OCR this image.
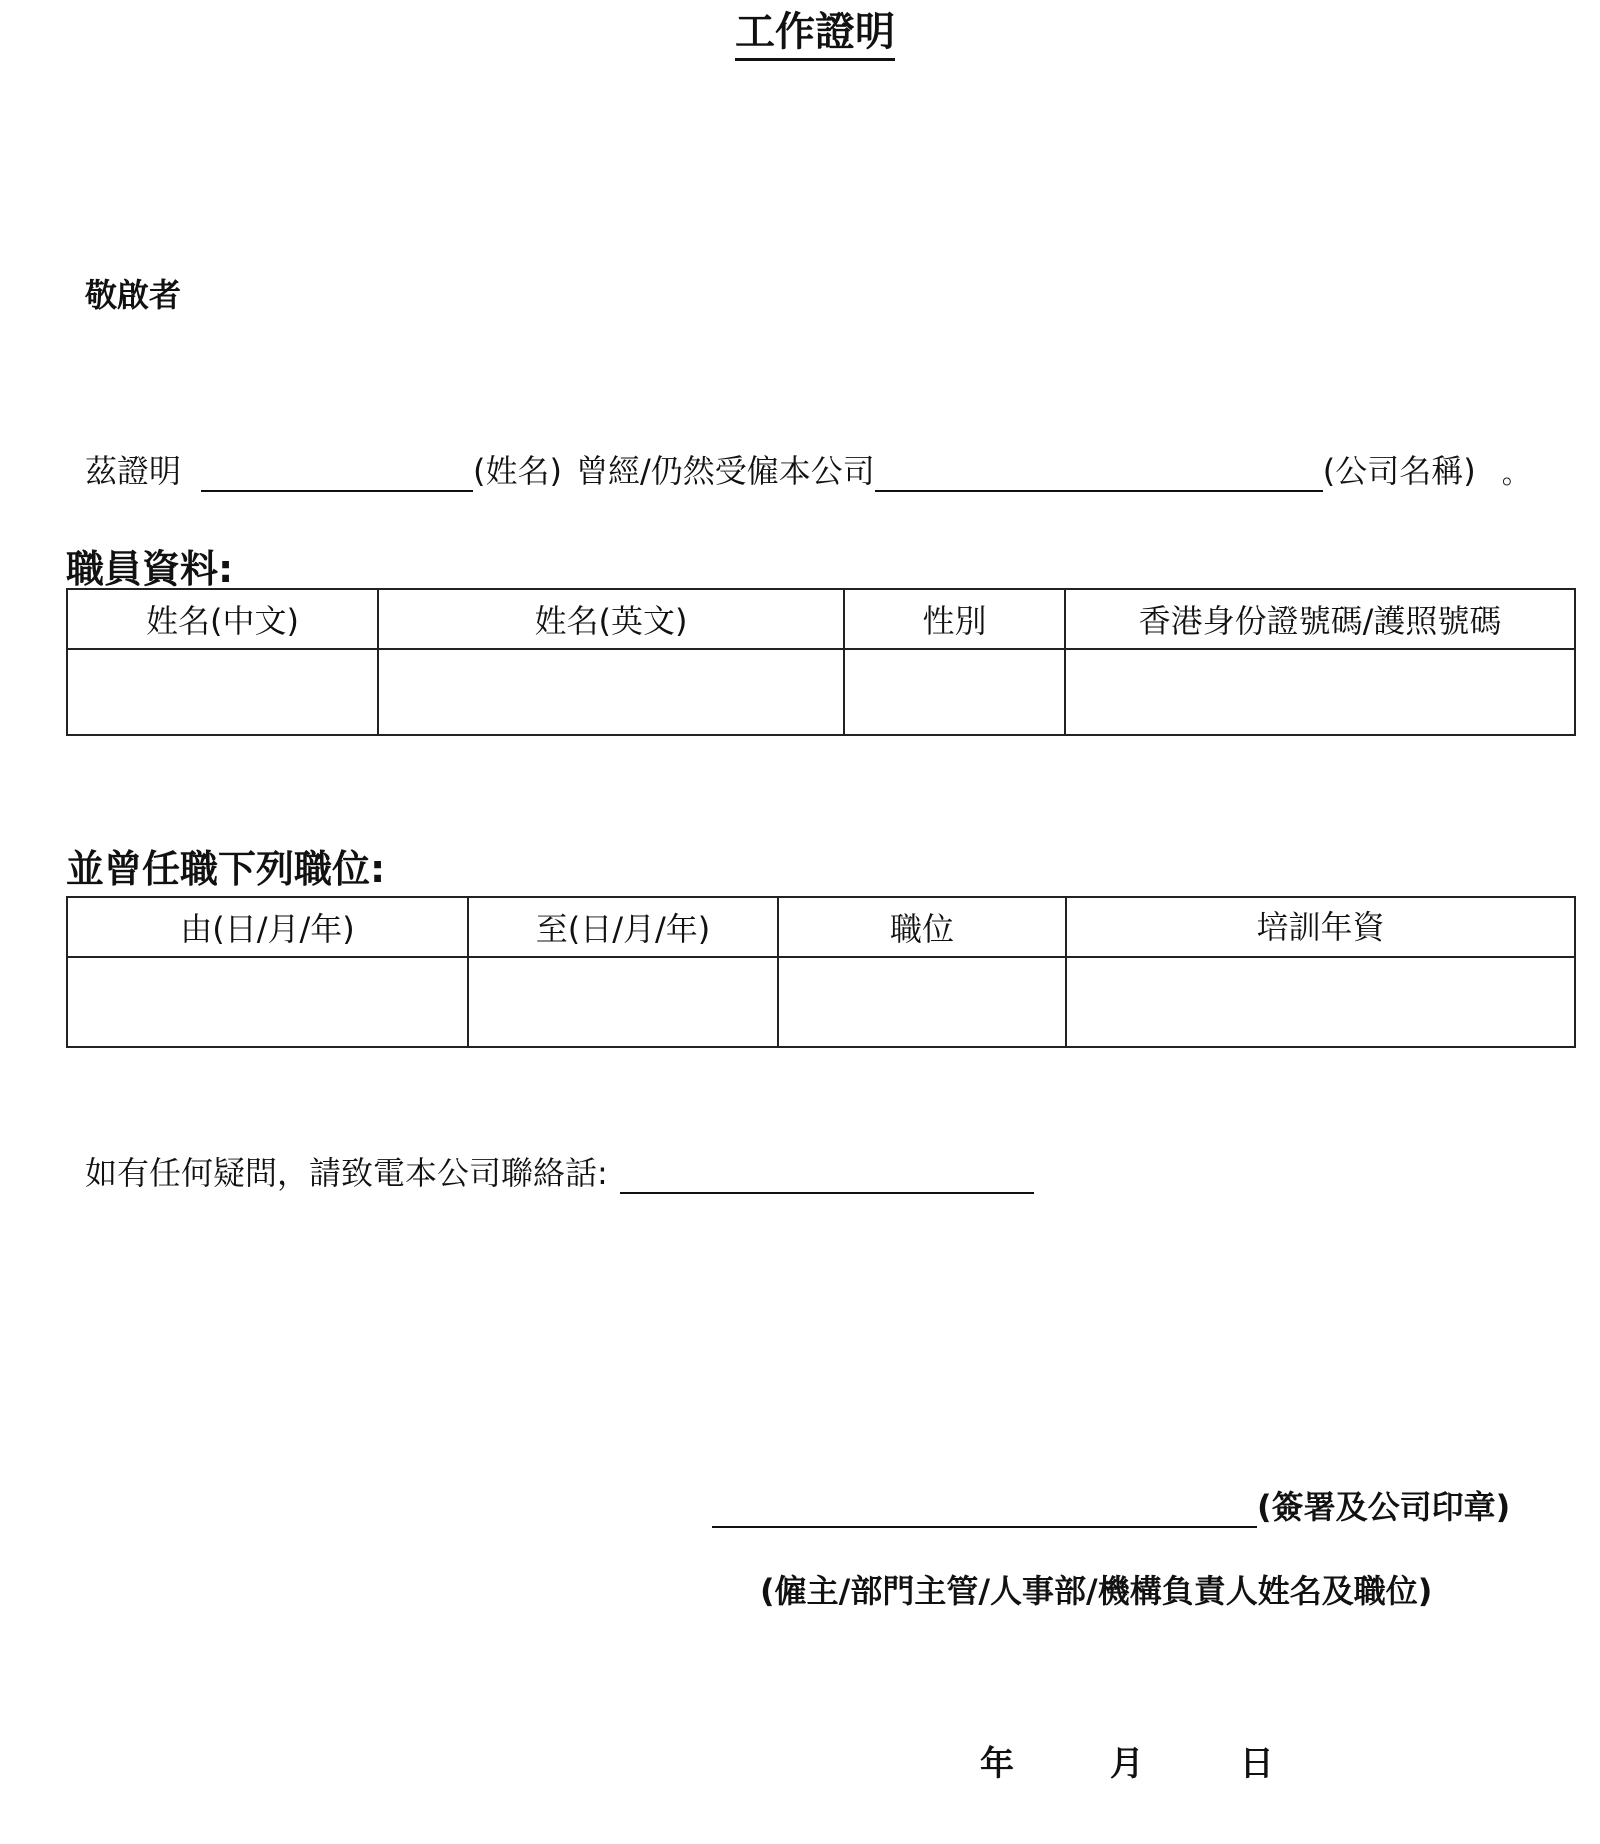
工作證明
敬啟者
茲證明	(姓名) 曾經/仍然受僱本公司	(公司名稱) 。
職員資料:
姓名(中文)	姓名(英文)	性別	香港身份證號碼/護照號碼

並曾任職下列職位:
由(日/月/年)	至(日/月/年)	職位	培訓年資

如有任何疑問，請致電本公司聯絡話:
(簽署及公司印章)
(僱主/部門主管/人事部/機構負責人姓名及職位)
年	月	日
